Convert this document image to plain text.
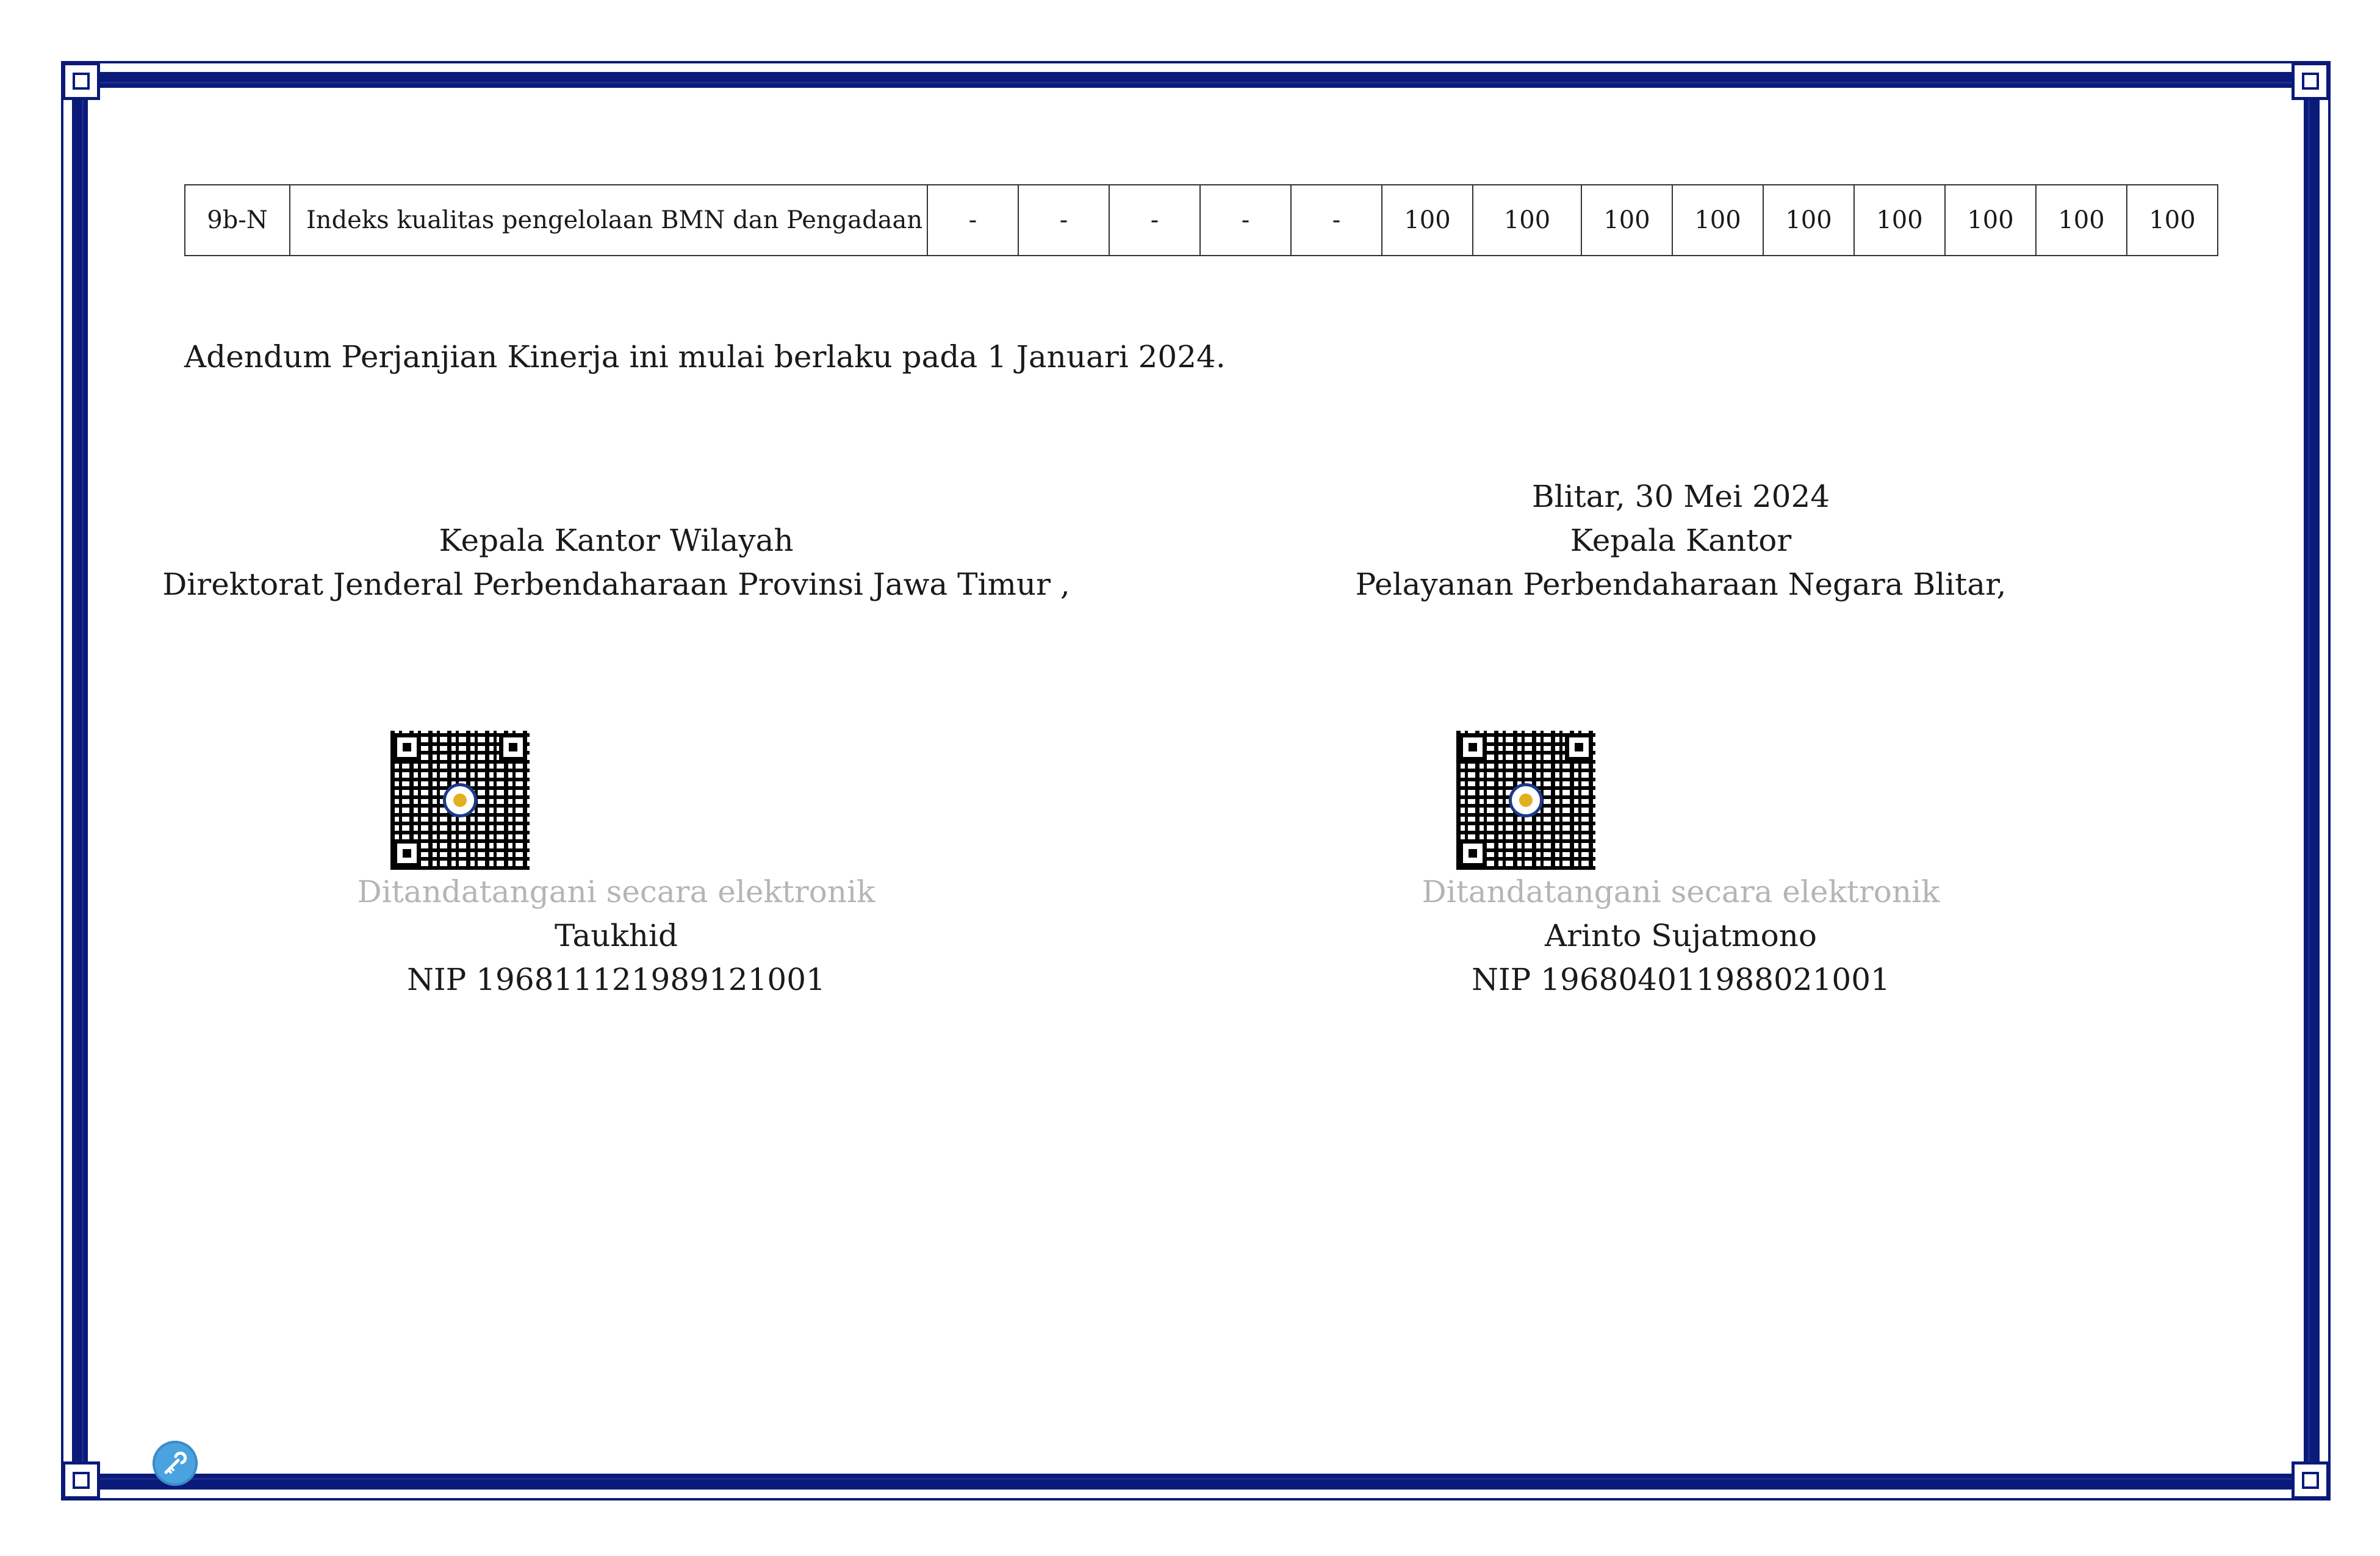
9b-N	Indeks kualitas pengelolaan BMN dan Pengadaan	-	-	-	-	-	100	100	100	100	100	100	100	100	100
Adendum Perjanjian Kinerja ini mulai berlaku pada 1 Januari 2024.
Kepala Kantor Wilayah
Direktorat Jenderal Perbendaharaan Provinsi Jawa Timur ,
Blitar, 30 Mei 2024
Kepala Kantor
Pelayanan Perbendaharaan Negara Blitar,
Ditandatangani secara elektronik
Taukhid
NIP 196811121989121001
Ditandatangani secara elektronik
Arinto Sujatmono
NIP 196804011988021001
